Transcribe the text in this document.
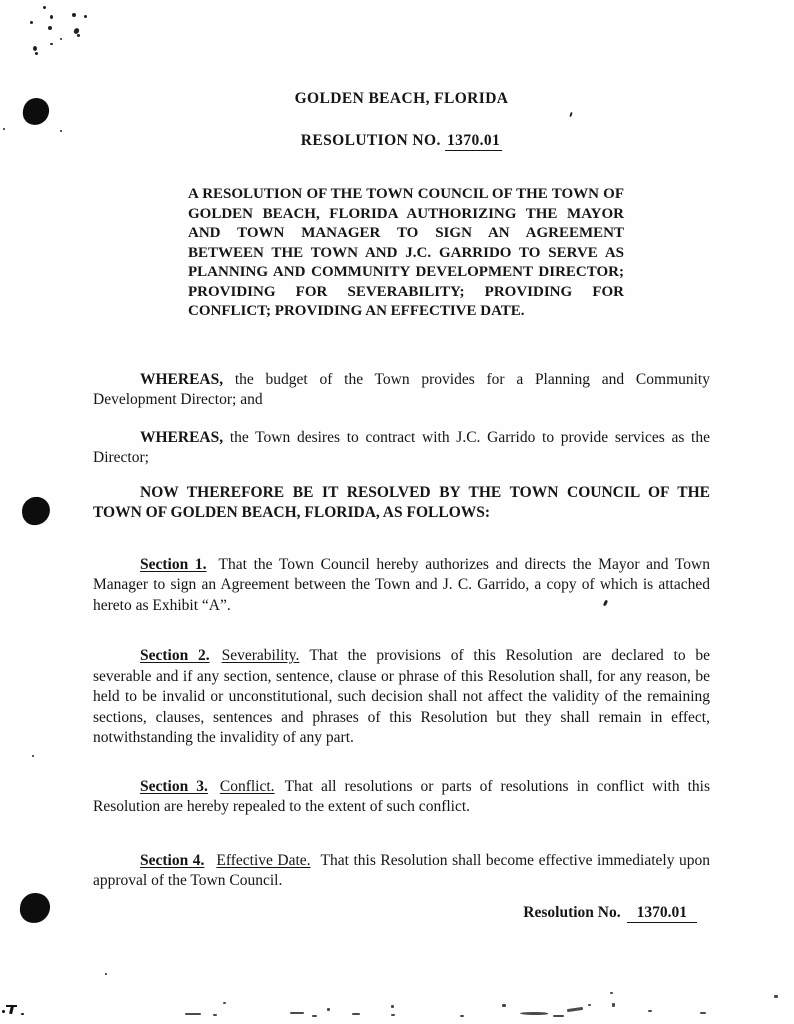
GOLDEN BEACH, FLORIDA

RESOLUTION NO. 1370.01

A RESOLUTION OF THE TOWN COUNCIL OF THE TOWN OF GOLDEN BEACH, FLORIDA AUTHORIZING THE MAYOR AND TOWN MANAGER TO SIGN AN AGREEMENT BETWEEN THE TOWN AND J.C. GARRIDO TO SERVE AS PLANNING AND COMMUNITY DEVELOPMENT DIRECTOR; PROVIDING FOR SEVERABILITY; PROVIDING FOR CONFLICT; PROVIDING AN EFFECTIVE DATE.

WHEREAS, the budget of the Town provides for a Planning and Community Development Director; and

WHEREAS, the Town desires to contract with J.C. Garrido to provide services as the Director;

NOW THEREFORE BE IT RESOLVED BY THE TOWN COUNCIL OF THE TOWN OF GOLDEN BEACH, FLORIDA, AS FOLLOWS:

Section 1. That the Town Council hereby authorizes and directs the Mayor and Town Manager to sign an Agreement between the Town and J. C. Garrido, a copy of which is attached hereto as Exhibit “A”.

Section 2. Severability. That the provisions of this Resolution are declared to be severable and if any section, sentence, clause or phrase of this Resolution shall, for any reason, be held to be invalid or unconstitutional, such decision shall not affect the validity of the remaining sections, clauses, sentences and phrases of this Resolution but they shall remain in effect, notwithstanding the invalidity of any part.

Section 3. Conflict. That all resolutions or parts of resolutions in conflict with this Resolution are hereby repealed to the extent of such conflict.

Section 4. Effective Date. That this Resolution shall become effective immediately upon approval of the Town Council.

Resolution No. 1370.01
